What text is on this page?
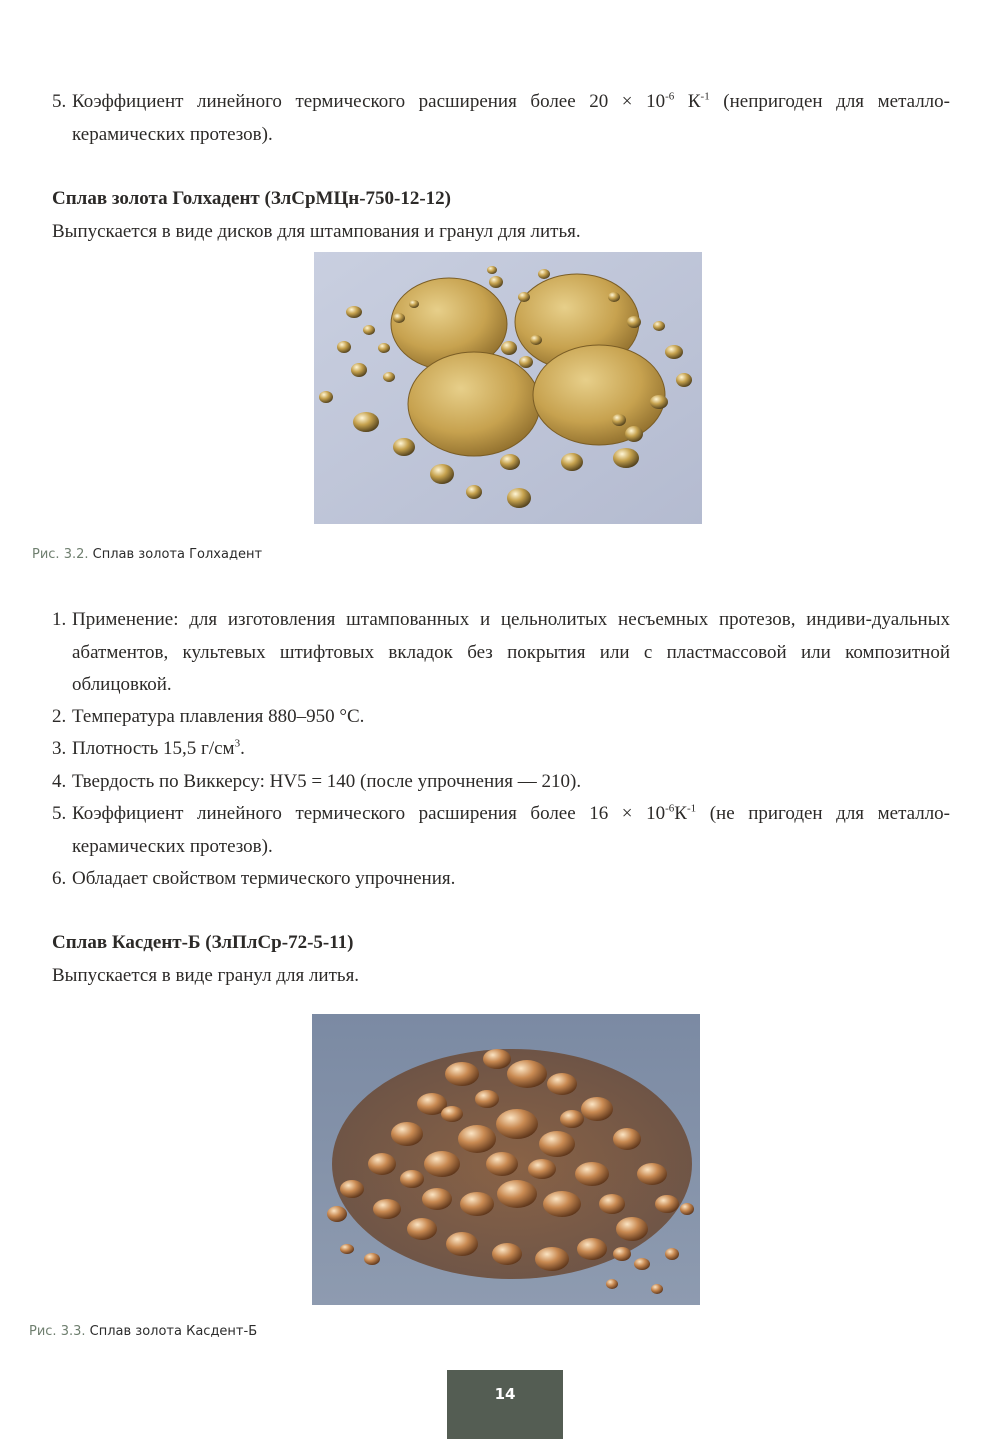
5. Коэффициент линейного термического расширения более $20 \times 10^{-6}$ $К^{-1}$ (непригоден для металло-керамических протезов).
Сплав золота Голхадент (ЗлСрМЦн-750-12-12)
Выпускается в виде дисков для штампования и гранул для литья.
Рис. 3.2. Сплав золота Голхадент
1. Применение: для изготовления штампованных и цельнолитых несъемных протезов, индиви-дуальных абатментов, культевых штифтовых вкладок без покрытия или с пластмассовой или композитной облицовкой.
2. Температура плавления 880–950 °С.
3. Плотность 15,5 $г/см^3$.
4. Твердость по Виккерсу: HV5 = 140 (после упрочнения — 210).
5. Коэффициент линейного термического расширения более $16 \times 10^{-6}К^{-1}$ (не пригоден для металло-керамических протезов).
6. Обладает свойством термического упрочнения.
Сплав Касдент-Б (ЗлПлСр-72-5-11)
Выпускается в виде гранул для литья.
Рис. 3.3. Сплав золота Касдент-Б
14
